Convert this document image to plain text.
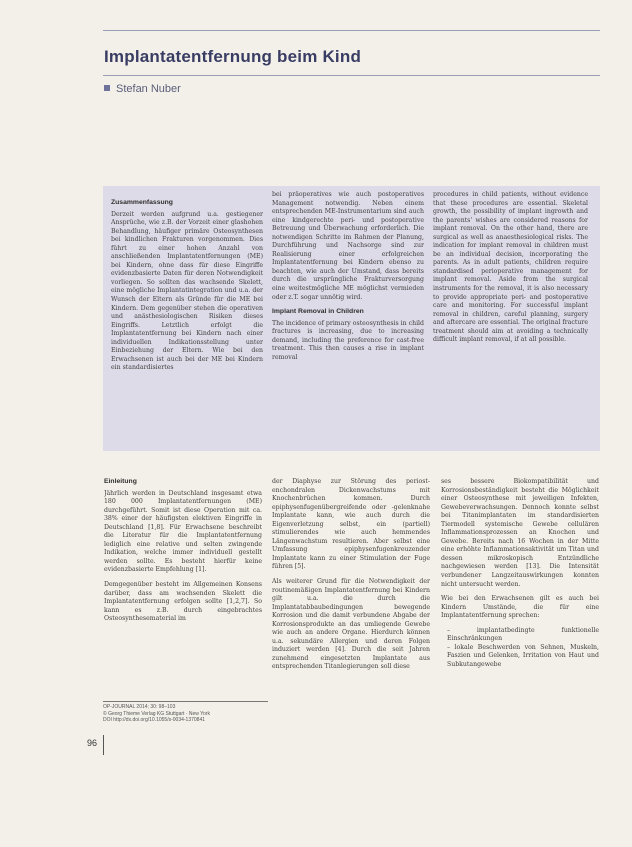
Implantatentfernung beim Kind
Stefan Nuber
Zusammenfassung

Derzeit werden aufgrund u.a. gestiegener Ansprüche, wie z.B. der Vorzeit einer glashohen Behandlung, häufiger primäre Osteosynthesen bei kindlichen Frakturen vorgenommen. Dies führt zu einer hohen Anzahl von anschließenden Implantatentfernungen (ME) bei Kindern, ohne dass für diese Eingriffe evidenzbasierte Daten für deren Notwendigkeit vorliegen. So sollten das wachsende Skelett, eine mögliche Implantatintegration und u.a. der Wunsch der Eltern als Gründe für die ME bei Kindern. Dem gegenüber stehen die operativen und anästhesiologischen Risiken dieses Eingriffs. Letztlich erfolgt die Implantatentfernung bei Kindern nach einer individuellen Indikationsstellung unter Einbeziehung der Eltern. Wie bei den Erwachsenen ist auch bei der ME bei Kindern ein standardisiertes

bei präoperatives wie auch postoperatives Management notwendig. Neben einem entsprechenden ME-Instrumentarium sind auch eine kindgerechte peri- und postoperative Betreuung und Überwachung erforderlich. Die notwendigen Schritte im Rahmen der Planung, Durchführung und Nachsorge sind zur Realisierung einer erfolgreichen Implantatentfernung bei Kindern ebenso zu beachten, wie auch der Umstand, dass bereits durch die ursprüngliche Frakturversorgung eine weitestmögliche ME möglichst vermieden oder z.T. sogar unnötig wird.

Implant Removal in Children

The incidence of primary osteosynthesis in child fractures is increasing, due to increasing demand, including the preference for cast-free treatment. This then causes a rise in implant removal

procedures in child patients, without evidence that these procedures are essential. Skeletal growth, the possibility of implant ingrowth and the parents' wishes are considered reasons for implant removal. On the other hand, there are surgical as well as anaesthesiological risks. The indication for implant removal in children must be an individual decision, incorporating the parents. As in adult patients, children require standardised perioperative management for implant removal. Aside from the surgical instruments for the removal, it is also necessary to provide appropriate peri- and postoperative care and monitoring. For successful implant removal in children, careful planning, surgery and aftercare are essential. The original fracture treatment should aim at avoiding a technically difficult implant removal, if at all possible.

Einleitung

Jährlich werden in Deutschland insgesamt etwa 180 000 Implantatentfernungen (ME) durchgeführt. Somit ist diese Operation mit ca. 38% einer der häufigsten elektiven Eingriffe in Deutschland [1,8]. Für Erwachsene beschreibt die Literatur für die Implantatentfernung lediglich eine relative und selten zwingende Indikation, welche immer individuell gestellt werden sollte. Es besteht hierfür keine evidenzbasierte Empfehlung [1].

Demgegenüber besteht im Allgemeinen Konsens darüber, dass am wachsenden Skelett die Implantatentfernung erfolgen sollte [1,2,7]. So kann es z.B. durch eingebrachtes Osteosynthesematerial im

der Diaphyse zur Störung des periost-enchondralen Dickenwachstums mit Knochenbrüchen kommen. Durch epiphysenfugenübergreifende oder -gelenknahe Implantate kann, wie auch durch die Eigenverletzung selbst, ein (partiell) stimulierendes wie auch hemmendes Längenwachstum resultieren. Aber selbst eine Umfassung epiphysenfugenkreuzender Implantate kann zu einer Stimulation der Fuge führen [5].

Als weiterer Grund für die Notwendigkeit der routinemäßigen Implantatentfernung bei Kindern gilt u.a. die durch die Implantatabbaubedingungen bewegende Korrosion und die damit verbundene Abgabe der Korrosionsprodukte an das umliegende Gewebe wie auch an andere Organe. Hierdurch können u.a. sekundäre Allergien und deren Folgen induziert werden [4]. Durch die seit Jahren zunehmend eingesetzten Implantate aus entsprechenden Titanlegierungen soll diese

ses bessere Biokompatibilität und Korrosionsbeständigkeit besteht die Möglichkeit einer Osteosynthese mit jeweiligen Infekten, Gewebeverwachsungen. Dennoch konnte selbst bei Titanimplantaten im standardisierten Tiermodell systemische Gewebe cellulären Inflammationsprozessen an Knochen und Gewebe. Bereits nach 16 Wochen in der Mitte eine erhöhte Inflammationsaktivität um Titan und dessen mikroskopisch Entzündliche nachgewiesen werden [13]. Die Intensität verbundener Langzeitauswirkungen konnten nicht untersucht werden.

Wie bei den Erwachsenen gilt es auch bei Kindern Umstände, die für eine Implantatentfernung sprechen:

– implantatbedingte funktionelle Einschränkungen
– lokale Beschwerden von Sehnen, Muskeln, Faszien und Gelenken, Irritation von Haut und Subkutangewebe
OP-JOURNAL 2014; 30: 98–103
© Georg Thieme Verlag KG Stuttgart · New York
DOI http://dx.doi.org/10.1055/s-0034-1370841
96
